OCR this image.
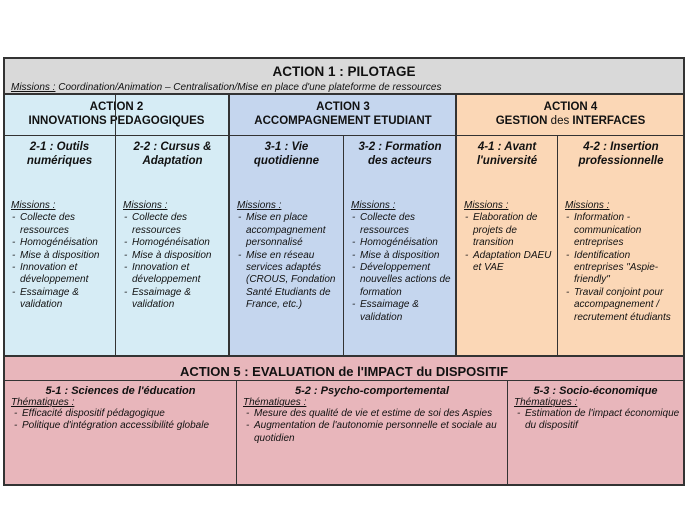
ACTION 1 : PILOTAGE
Missions : Coordination/Animation – Centralisation/Mise en place d'une plateforme de ressources
ACTION 2
INNOVATIONS PEDAGOGIQUES
2-1 : Outils
numériques
Missions :
- Collecte des ressources
- Homogénéisation
- Mise à disposition
- Innovation et développement
- Essaimage & validation
2-2 : Cursus &
Adaptation
Missions :
- Collecte des ressources
- Homogénéisation
- Mise à disposition
- Innovation et développement
- Essaimage & validation
ACTION 3
ACCOMPAGNEMENT ETUDIANT
3-1 : Vie
quotidienne
Missions :
- Mise en place accompagnement personnalisé
- Mise en réseau services adaptés (CROUS, Fondation Santé Etudiants de France, etc.)
3-2 : Formation
des acteurs
Missions :
- Collecte des ressources
- Homogénéisation
- Mise à disposition
- Développement nouvelles actions de formation
- Essaimage & validation
ACTION 4
GESTION des INTERFACES
4-1 : Avant
l'université
Missions :
- Elaboration de projets de transition
- Adaptation DAEU et VAE
4-2 : Insertion
professionnelle
Missions :
- Information - communication entreprises
- Identification entreprises "Aspie-friendly"
- Travail conjoint pour accompagnement / recrutement étudiants
ACTION 5 : EVALUATION de l'IMPACT du DISPOSITIF
5-1 : Sciences de l'éducation
Thématiques :
- Efficacité dispositif pédagogique
- Politique d'intégration accessibilité globale
5-2 : Psycho-comportemental
Thématiques :
- Mesure des qualité de vie et estime de soi des Aspies
- Augmentation de l'autonomie personnelle et sociale au quotidien
5-3 : Socio-économique
Thématiques :
- Estimation de l'impact économique du dispositif
